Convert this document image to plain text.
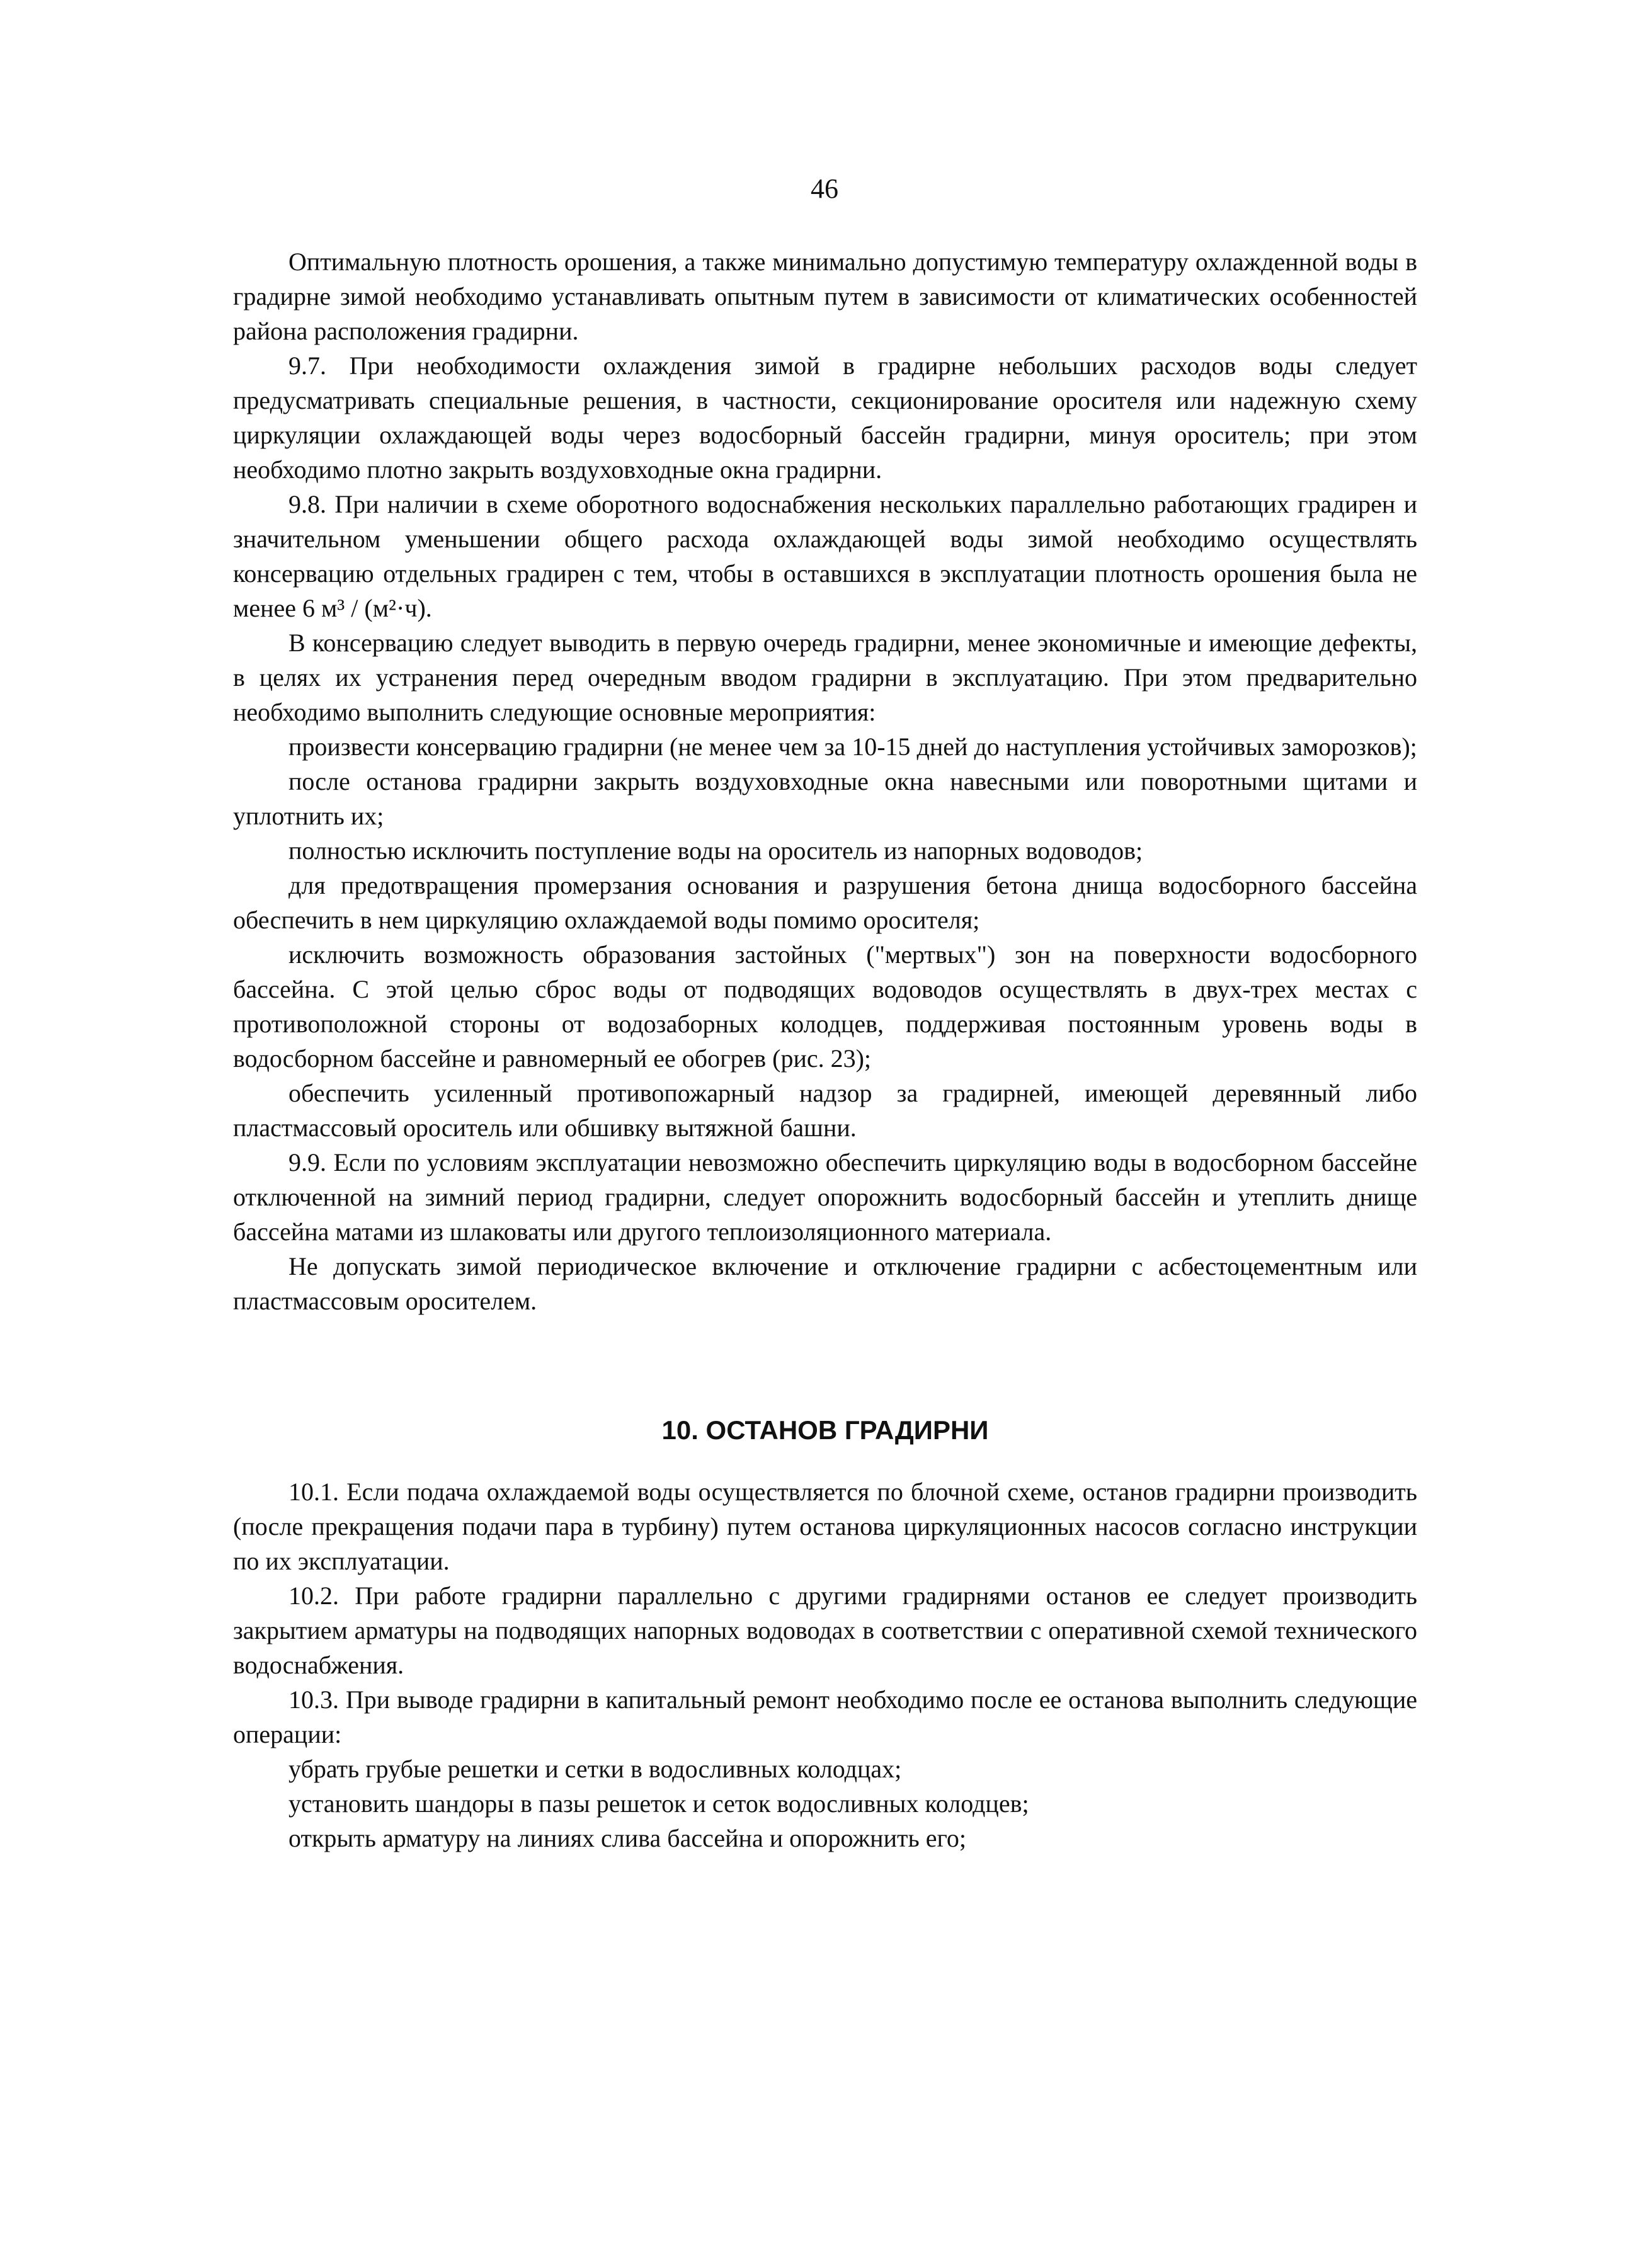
46

Оптимальную плотность орошения, а также минимально допустимую температуру охлажденной воды в градирне зимой необходимо устанавливать опытным путем в зависимости от климатических особенностей района расположения градирни.

9.7. При необходимости охлаждения зимой в градирне небольших расходов воды следует предусматривать специальные решения, в частности, секционирование оросителя или надежную схему циркуляции охлаждающей воды через водосборный бассейн градирни, минуя ороситель; при этом необходимо плотно закрыть воздуховходные окна градирни.

9.8. При наличии в схеме оборотного водоснабжения нескольких параллельно работающих градирен и значительном уменьшении общего расхода охлаждающей воды зимой необходимо осуществлять консервацию отдельных градирен с тем, чтобы в оставшихся в эксплуатации плотность орошения была не менее 6 м³ / (м²·ч).

В консервацию следует выводить в первую очередь градирни, менее экономичные и имеющие дефекты, в целях их устранения перед очередным вводом градирни в эксплуатацию. При этом предварительно необходимо выполнить следующие основные мероприятия:

произвести консервацию градирни (не менее чем за 10-15 дней до наступления устойчивых заморозков);

после останова градирни закрыть воздуховходные окна навесными или поворотными щитами и уплотнить их;

полностью исключить поступление воды на ороситель из напорных водоводов;

для предотвращения промерзания основания и разрушения бетона днища водосборного бассейна обеспечить в нем циркуляцию охлаждаемой воды помимо оросителя;

исключить возможность образования застойных ("мертвых") зон на поверхности водосборного бассейна. С этой целью сброс воды от подводящих водоводов осуществлять в двух-трех местах с противоположной стороны от водозаборных колодцев, поддерживая постоянным уровень воды в водосборном бассейне и равномерный ее обогрев (рис. 23);

обеспечить усиленный противопожарный надзор за градирней, имеющей деревянный либо пластмассовый ороситель или обшивку вытяжной башни.

9.9. Если по условиям эксплуатации невозможно обеспечить циркуляцию воды в водосборном бассейне отключенной на зимний период градирни, следует опорожнить водосборный бассейн и утеплить днище бассейна матами из шлаковаты или другого теплоизоляционного материала.

Не допускать зимой периодическое включение и отключение градирни с асбестоцементным или пластмассовым оросителем.

10. ОСТАНОВ ГРАДИРНИ

10.1. Если подача охлаждаемой воды осуществляется по блочной схеме, останов градирни производить (после прекращения подачи пара в турбину) путем останова циркуляционных насосов согласно инструкции по их эксплуатации.

10.2. При работе градирни параллельно с другими градирнями останов ее следует производить закрытием арматуры на подводящих напорных водоводах в соответствии с оперативной схемой технического водоснабжения.

10.3. При выводе градирни в капитальный ремонт необходимо после ее останова выполнить следующие операции:

убрать грубые решетки и сетки в водосливных колодцах;

установить шандоры в пазы решеток и сеток водосливных колодцев;

открыть арматуру на линиях слива бассейна и опорожнить его;
